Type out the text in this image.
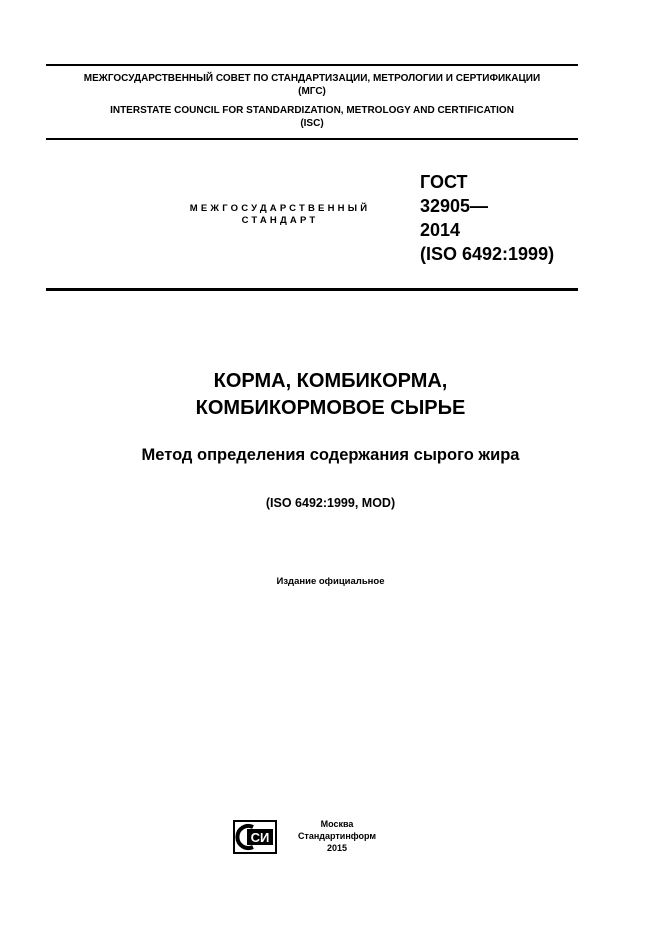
МЕЖГОСУДАРСТВЕННЫЙ СОВЕТ ПО СТАНДАРТИЗАЦИИ, МЕТРОЛОГИИ И СЕРТИФИКАЦИИ
(МГС)
INTERSTATE COUNCIL FOR STANDARDIZATION, METROLOGY AND CERTIFICATION
(ISC)
МЕЖГОСУДАРСТВЕННЫЙ
СТАНДАРТ
ГОСТ
32905—
2014
(ISO 6492:1999)
КОРМА, КОМБИКОРМА,
КОМБИКОРМОВОЕ СЫРЬЕ
Метод определения содержания сырого жира
(ISO 6492:1999, MOD)
Издание официальное
СИ
Москва
Стандартинформ
2015
